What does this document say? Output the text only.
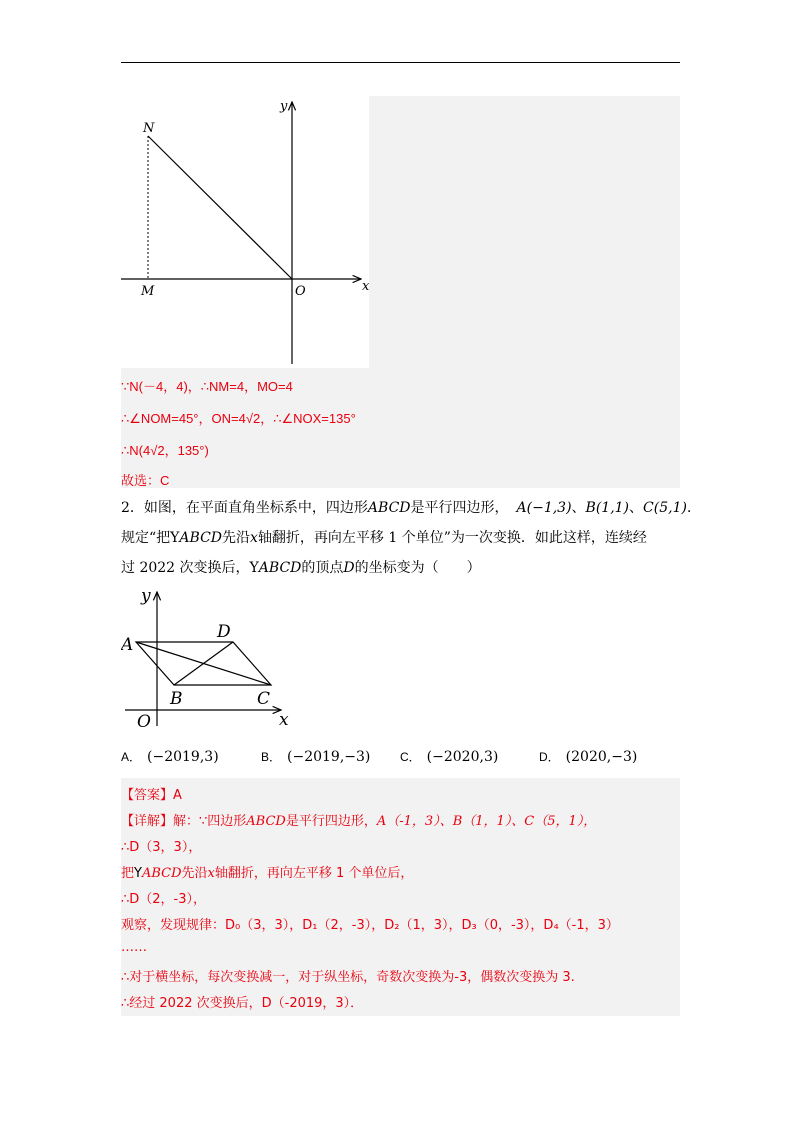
y
N
M	O	x
∵N(－4，4)，∴NM=4，MO=4
∴∠NOM=45°，ON=4√2，∴∠NOX=135°
∴N(4√2，135°)
故选：C
2．如图，在平面直角坐标系中，四边形ABCD是平行四边形， A(−1,3)、B(1,1)、C(5,1)．
规定“把YABCD先沿x轴翻折，再向左平移 1 个单位”为一次变换．如此这样，连续经
过 2022 次变换后，YABCD的顶点D的坐标变为（　　）
y
A
D
B	C
O	x
A． (−2019,3)	B． (−2019,−3) C． (−2020,3)	D． (2020,−3)
【答案】A
【详解】解：∵四边形ABCD是平行四边形，A（-1，3）、B（1，1）、C（5，1），
∴D（3，3），
把YABCD先沿x轴翻折，再向左平移 1 个单位后，
∴D（2，-3），
观察，发现规律：D₀（3，3），D₁（2，-3），D₂（1，3），D₃（0，-3），D₄（-1，3）
……
∴对于横坐标，每次变换减一，对于纵坐标，奇数次变换为-3，偶数次变换为 3.
∴经过 2022 次变换后，D（-2019，3）．
